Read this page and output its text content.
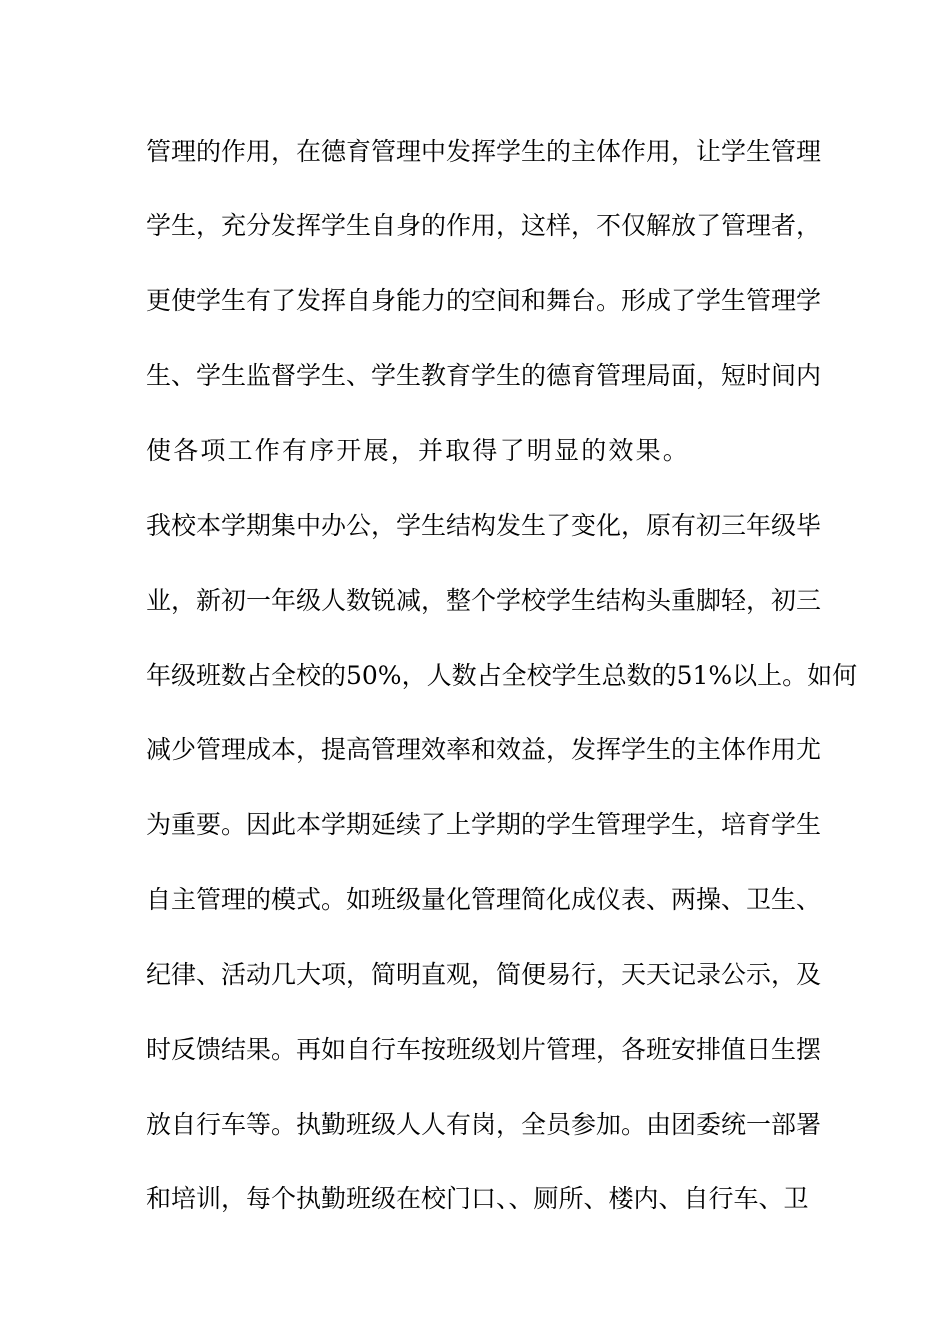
管理的作用，在德育管理中发挥学生的主体作用，让学生管理
学生，充分发挥学生自身的作用，这样，不仅解放了管理者，
更使学生有了发挥自身能力的空间和舞台。形成了学生管理学
生、学生监督学生、学生教育学生的德育管理局面，短时间内
使各项工作有序开展，并取得了明显的效果。
我校本学期集中办公，学生结构发生了变化，原有初三年级毕
业，新初一年级人数锐减，整个学校学生结构头重脚轻，初三
年级班数占全校的50%，人数占全校学生总数的51%以上。如何
减少管理成本，提高管理效率和效益，发挥学生的主体作用尤
为重要。因此本学期延续了上学期的学生管理学生，培育学生
自主管理的模式。如班级量化管理简化成仪表、两操、卫生、
纪律、活动几大项，简明直观，简便易行，天天记录公示，及
时反馈结果。再如自行车按班级划片管理，各班安排值日生摆
放自行车等。执勤班级人人有岗，全员参加。由团委统一部署
和培训，每个执勤班级在校门口、、厕所、楼内、自行车、卫
